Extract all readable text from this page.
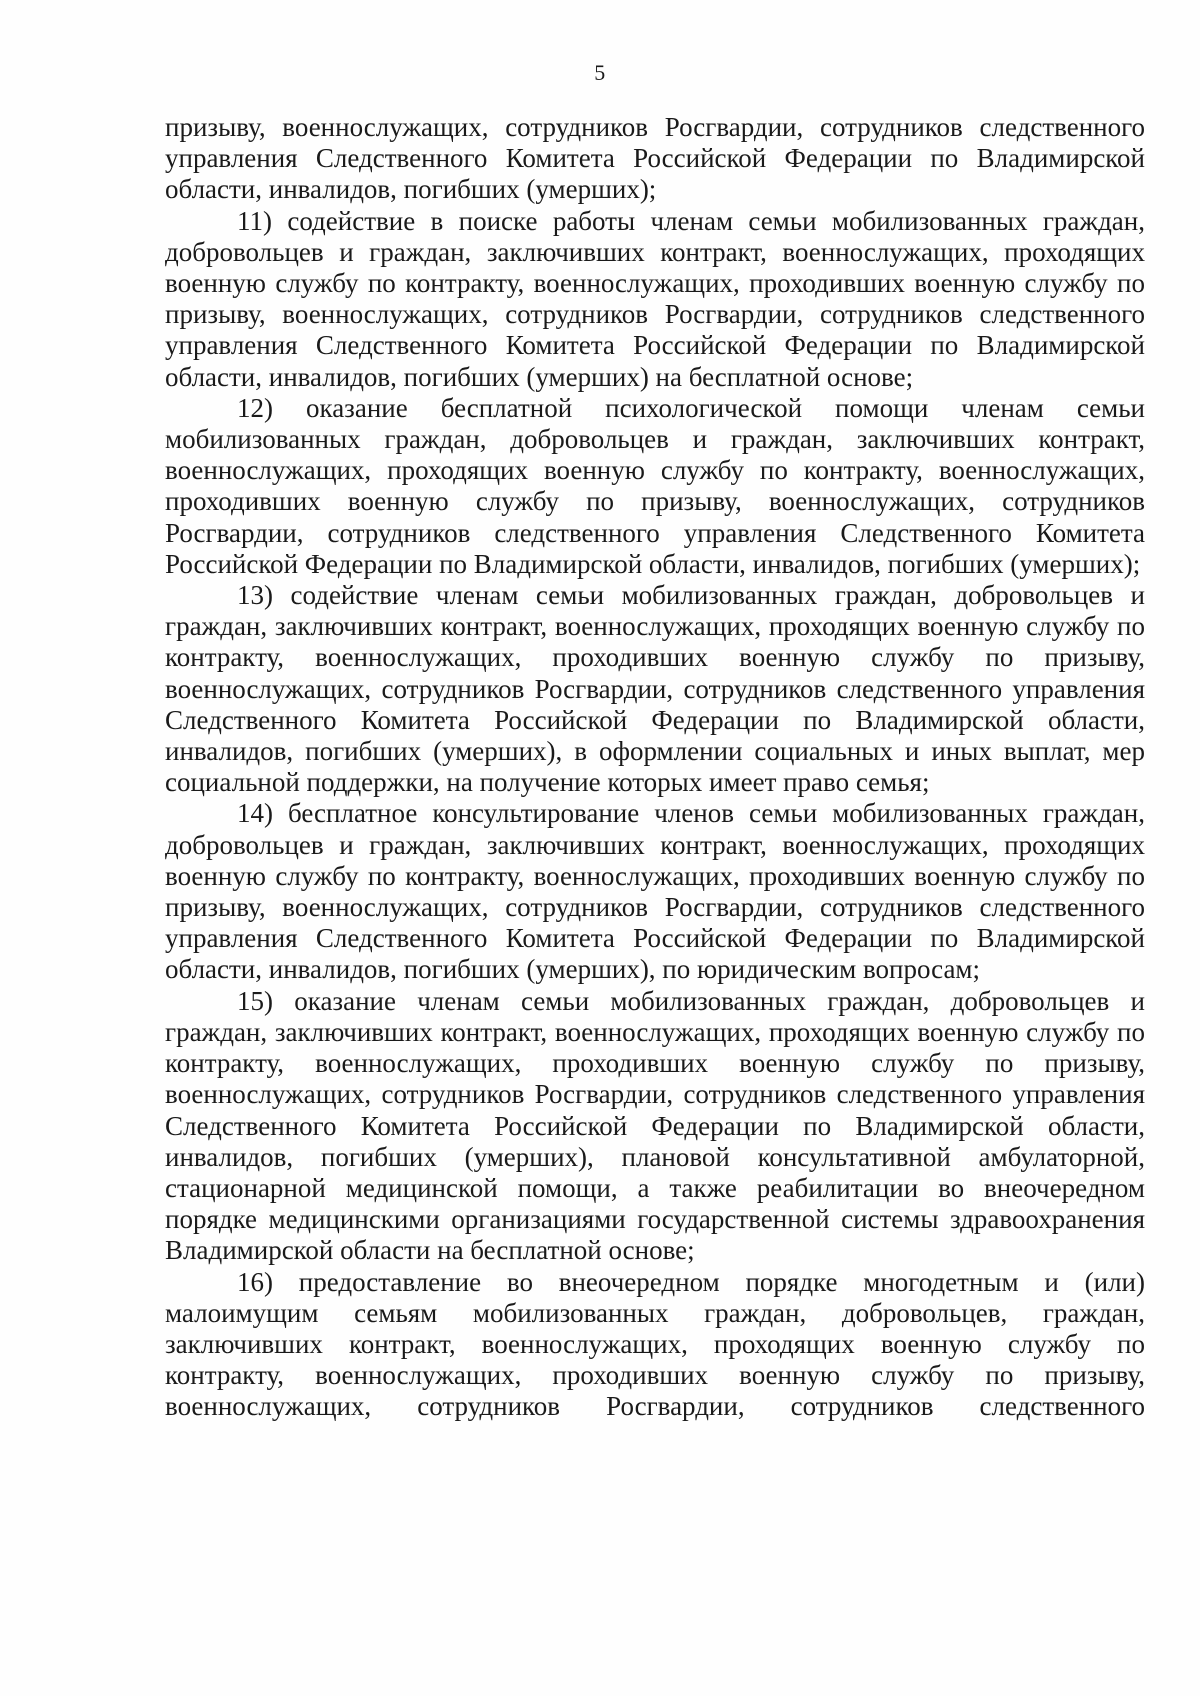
5

призыву, военнослужащих, сотрудников Росгвардии, сотрудников следственного управления Следственного Комитета Российской Федерации по Владимирской области, инвалидов, погибших (умерших);

11) содействие в поиске работы членам семьи мобилизованных граждан, добровольцев и граждан, заключивших контракт, военнослужащих, проходящих военную службу по контракту, военнослужащих, проходивших военную службу по призыву, военнослужащих, сотрудников Росгвардии, сотрудников следственного управления Следственного Комитета Российской Федерации по Владимирской области, инвалидов, погибших (умерших) на бесплатной основе;

12) оказание бесплатной психологической помощи членам семьи мобилизованных граждан, добровольцев и граждан, заключивших контракт, военнослужащих, проходящих военную службу по контракту, военнослужащих, проходивших военную службу по призыву, военнослужащих, сотрудников Росгвардии, сотрудников следственного управления Следственного Комитета Российской Федерации по Владимирской области, инвалидов, погибших (умерших);

13) содействие членам семьи мобилизованных граждан, добровольцев и граждан, заключивших контракт, военнослужащих, проходящих военную службу по контракту, военнослужащих, проходивших военную службу по призыву, военнослужащих, сотрудников Росгвардии, сотрудников следственного управления Следственного Комитета Российской Федерации по Владимирской области, инвалидов, погибших (умерших), в оформлении социальных и иных выплат, мер социальной поддержки, на получение которых имеет право семья;

14) бесплатное консультирование членов семьи мобилизованных граждан, добровольцев и граждан, заключивших контракт, военнослужащих, проходящих военную службу по контракту, военнослужащих, проходивших военную службу по призыву, военнослужащих, сотрудников Росгвардии, сотрудников следственного управления Следственного Комитета Российской Федерации по Владимирской области, инвалидов, погибших (умерших), по юридическим вопросам;

15) оказание членам семьи мобилизованных граждан, добровольцев и граждан, заключивших контракт, военнослужащих, проходящих военную службу по контракту, военнослужащих, проходивших военную службу по призыву, военнослужащих, сотрудников Росгвардии, сотрудников следственного управления Следственного Комитета Российской Федерации по Владимирской области, инвалидов, погибших (умерших), плановой консультативной амбулаторной, стационарной медицинской помощи, а также реабилитации во внеочередном порядке медицинскими организациями государственной системы здравоохранения Владимирской области на бесплатной основе;

16) предоставление во внеочередном порядке многодетным и (или) малоимущим семьям мобилизованных граждан, добровольцев, граждан, заключивших контракт, военнослужащих, проходящих военную службу по контракту, военнослужащих, проходивших военную службу по призыву, военнослужащих, сотрудников Росгвардии, сотрудников следственного
